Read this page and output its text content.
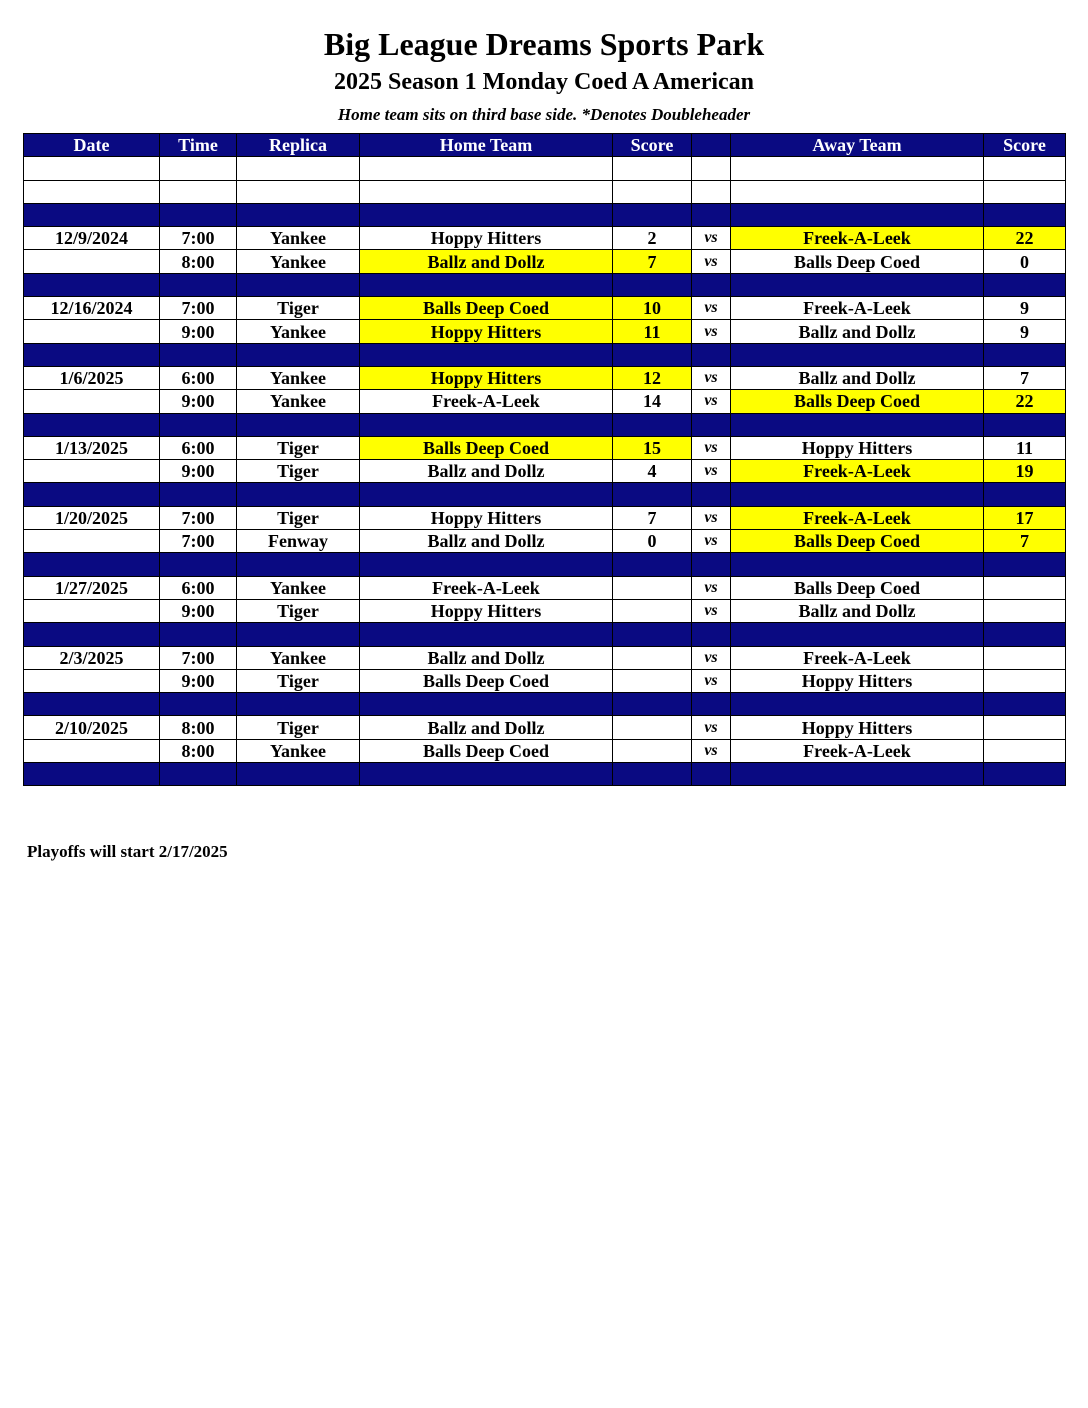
Big League Dreams Sports Park
2025 Season 1 Monday Coed A American
Home team sits on third base side. *Denotes Doubleheader
Date	Time	Replica	Home Team	Score		Away Team	Score

12/9/2024	7:00	Yankee	Hoppy Hitters	2	vs	Freek-A-Leek	22
	8:00	Yankee	Ballz and Dollz	7	vs	Balls Deep Coed	0

12/16/2024	7:00	Tiger	Balls Deep Coed	10	vs	Freek-A-Leek	9
	9:00	Yankee	Hoppy Hitters	11	vs	Ballz and Dollz	9

1/6/2025	6:00	Yankee	Hoppy Hitters	12	vs	Ballz and Dollz	7
	9:00	Yankee	Freek-A-Leek	14	vs	Balls Deep Coed	22

1/13/2025	6:00	Tiger	Balls Deep Coed	15	vs	Hoppy Hitters	11
	9:00	Tiger	Ballz and Dollz	4	vs	Freek-A-Leek	19

1/20/2025	7:00	Tiger	Hoppy Hitters	7	vs	Freek-A-Leek	17
	7:00	Fenway	Ballz and Dollz	0	vs	Balls Deep Coed	7

1/27/2025	6:00	Yankee	Freek-A-Leek		vs	Balls Deep Coed	
	9:00	Tiger	Hoppy Hitters		vs	Ballz and Dollz	

2/3/2025	7:00	Yankee	Ballz and Dollz		vs	Freek-A-Leek	
	9:00	Tiger	Balls Deep Coed		vs	Hoppy Hitters	

2/10/2025	8:00	Tiger	Ballz and Dollz		vs	Hoppy Hitters	
	8:00	Yankee	Balls Deep Coed		vs	Freek-A-Leek	

Playoffs will start 2/17/2025
